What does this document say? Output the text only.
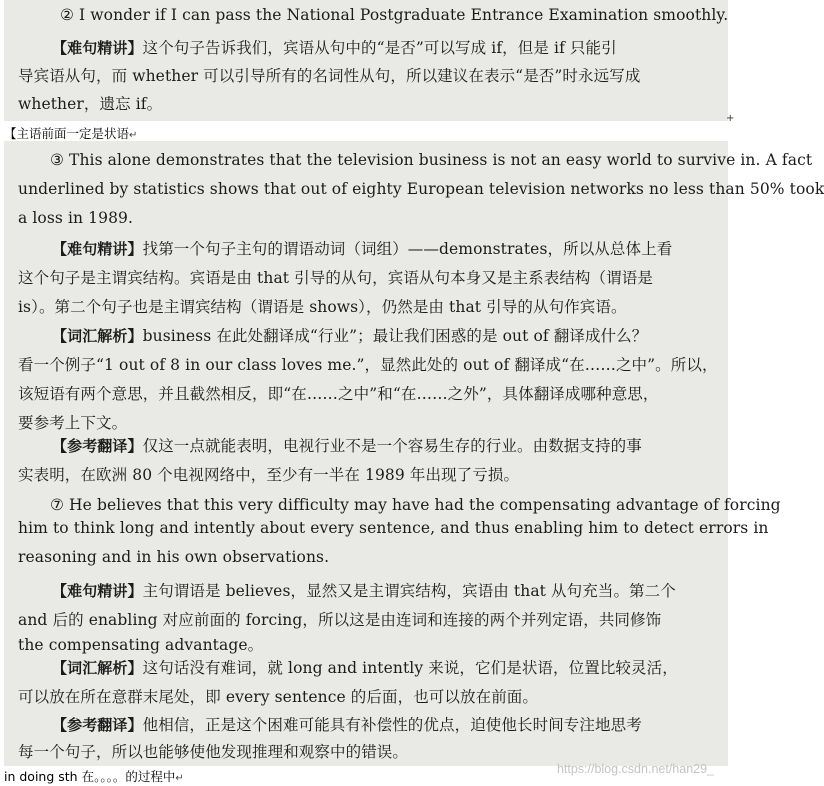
② I wonder if I can pass the National Postgraduate Entrance Examination smoothly.
【难句精讲】这个句子告诉我们，宾语从句中的“是否”可以写成 if，但是 if 只能引
导宾语从句，而 whether 可以引导所有的名词性从句，所以建议在表示“是否”时永远写成
whether，遗忘 if。
+
【主语前面一定是状语↵
③ This alone demonstrates that the television business is not an easy world to survive in. A fact
underlined by statistics shows that out of eighty European television networks no less than 50% took
a loss in 1989.
【难句精讲】找第一个句子主句的谓语动词（词组）——demonstrates，所以从总体上看
这个句子是主谓宾结构。宾语是由 that 引导的从句，宾语从句本身又是主系表结构（谓语是
is）。第二个句子也是主谓宾结构（谓语是 shows），仍然是由 that 引导的从句作宾语。
【词汇解析】business 在此处翻译成“行业”；最让我们困惑的是 out of 翻译成什么？
看一个例子“1 out of 8 in our class loves me.”，显然此处的 out of 翻译成“在……之中”。所以，
该短语有两个意思，并且截然相反，即“在……之中”和“在……之外”，具体翻译成哪种意思，
要参考上下文。
【参考翻译】仅这一点就能表明，电视行业不是一个容易生存的行业。由数据支持的事
实表明，在欧洲 80 个电视网络中，至少有一半在 1989 年出现了亏损。
⑦ He believes that this very difficulty may have had the compensating advantage of forcing
him to think long and intently about every sentence, and thus enabling him to detect errors in
reasoning and in his own observations.
【难句精讲】主句谓语是 believes，显然又是主谓宾结构，宾语由 that 从句充当。第二个
and 后的 enabling 对应前面的 forcing，所以这是由连词和连接的两个并列定语，共同修饰
the compensating advantage。
【词汇解析】这句话没有难词，就 long and intently 来说，它们是状语，位置比较灵活，
可以放在所在意群末尾处，即 every sentence 的后面，也可以放在前面。
【参考翻译】他相信，正是这个困难可能具有补偿性的优点，迫使他长时间专注地思考
每一个句子，所以也能够使他发现推理和观察中的错误。
in doing sth 在。。。。的过程中↵
https://blog.csdn.net/han29_
